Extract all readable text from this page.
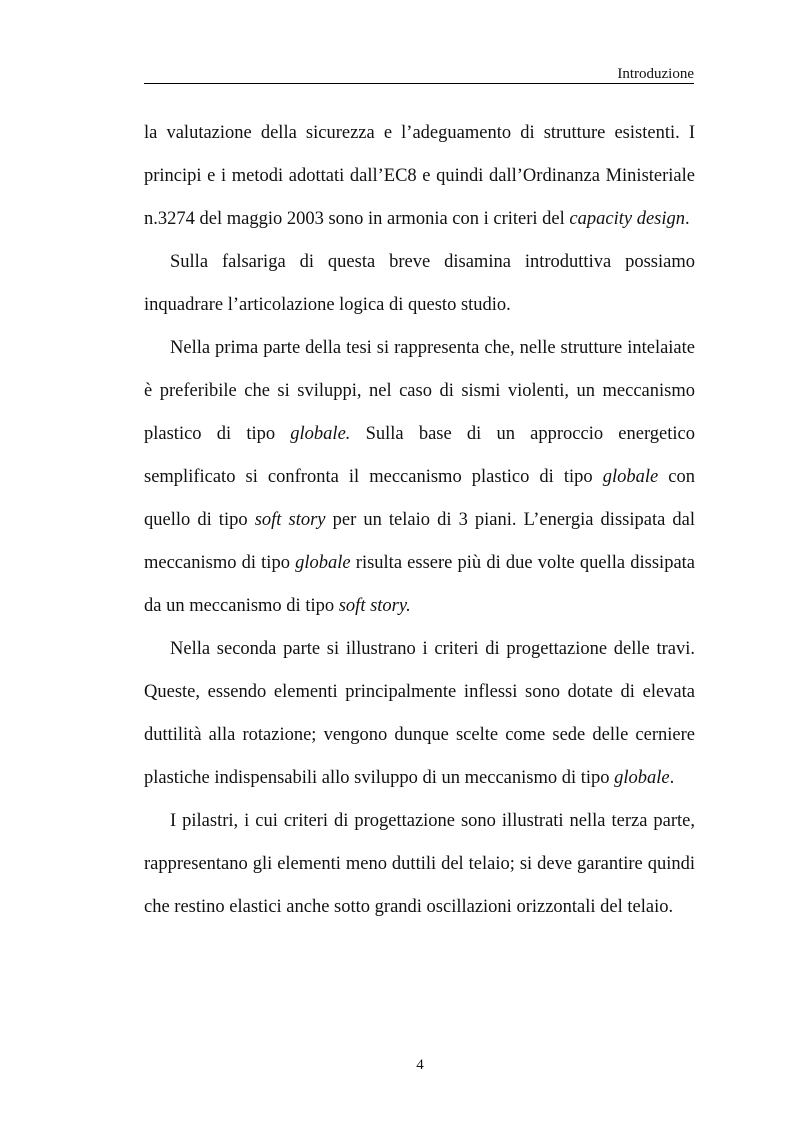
Introduzione

la valutazione della sicurezza e l’adeguamento di strutture esistenti. I principi e i metodi adottati dall’EC8 e quindi dall’Ordinanza Ministeriale n.3274 del maggio 2003 sono in armonia con i criteri del capacity design.

Sulla falsariga di questa breve disamina introduttiva possiamo inquadrare l’articolazione logica di questo studio.

Nella prima parte della tesi si rappresenta che, nelle strutture intelaiate è preferibile che si sviluppi, nel caso di sismi violenti, un meccanismo plastico di tipo globale. Sulla base di un approccio energetico semplificato si confronta il meccanismo plastico di tipo globale con quello di tipo soft story per un telaio di 3 piani. L’energia dissipata dal meccanismo di tipo globale risulta essere più di due volte quella dissipata da un meccanismo di tipo soft story.

Nella seconda parte si illustrano i criteri di progettazione delle travi. Queste, essendo elementi principalmente inflessi sono dotate di elevata duttilità alla rotazione; vengono dunque scelte come sede delle cerniere plastiche indispensabili allo sviluppo di un meccanismo di tipo globale.

I pilastri, i cui criteri di progettazione sono illustrati nella terza parte, rappresentano gli elementi meno duttili del telaio; si deve garantire quindi che restino elastici anche sotto grandi oscillazioni orizzontali del telaio.

4
